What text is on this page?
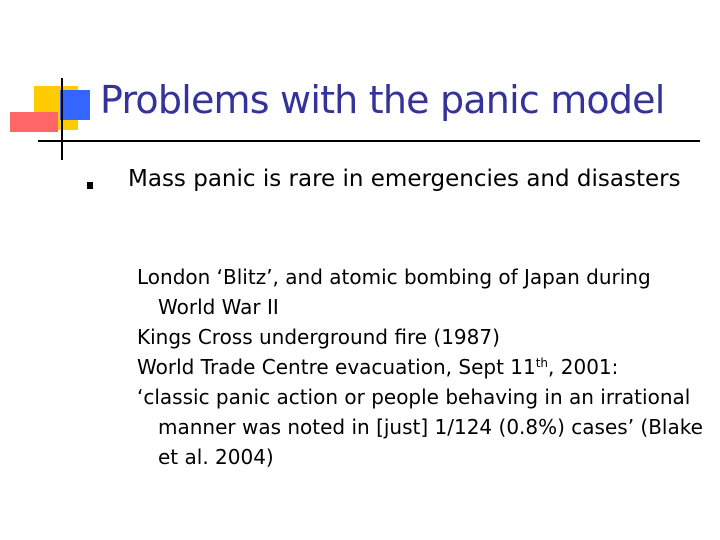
Problems with the panic model
Mass panic is rare in emergencies and disasters
London ‘Blitz’, and atomic bombing of Japan during World War II
Kings Cross underground fire (1987)
World Trade Centre evacuation, Sept 11th, 2001:
‘classic panic action or people behaving in an irrational manner was noted in [just] 1/124 (0.8%) cases’ (Blake et al. 2004)
